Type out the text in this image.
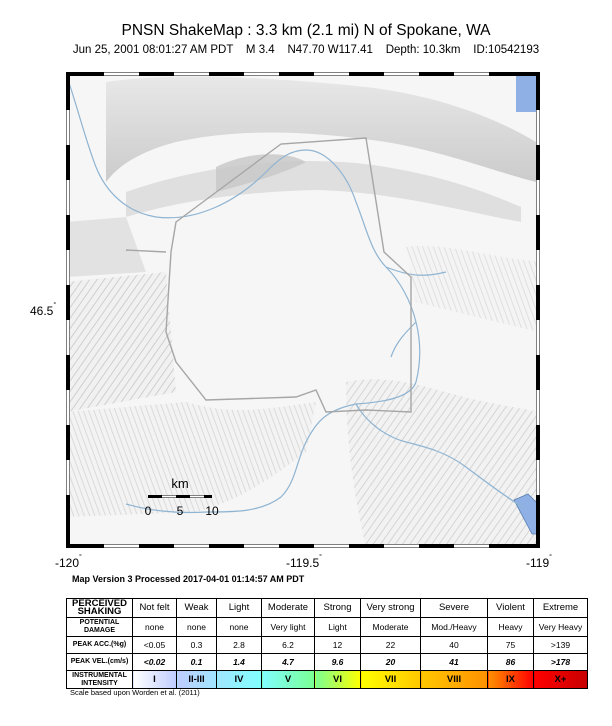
PNSN ShakeMap : 3.3 km (2.1 mi) N of Spokane, WA
Jun 25, 2001 08:01:27 AM PDT    M 3.4    N47.70 W117.41    Depth: 10.3km    ID:10542193
km
0 5 10
46.5°
-120°	-119.5°	-119°
Map Version 3 Processed 2017-04-01 01:14:57 AM PDT
PERCEIVED SHAKING	Not felt	Weak	Light	Moderate	Strong	Very strong	Severe	Violent	Extreme
POTENTIAL DAMAGE	none	none	none	Very light	Light	Moderate	Mod./Heavy	Heavy	Very Heavy
PEAK ACC.(%g)	<0.05	0.3	2.8	6.2	12	22	40	75	>139
PEAK VEL.(cm/s)	<0.02	0.1	1.4	4.7	9.6	20	41	86	>178
INSTRUMENTAL INTENSITY	I	II-III	IV	V	VI	VII	VIII	IX	X+
Scale based upon Worden et al. (2011)
